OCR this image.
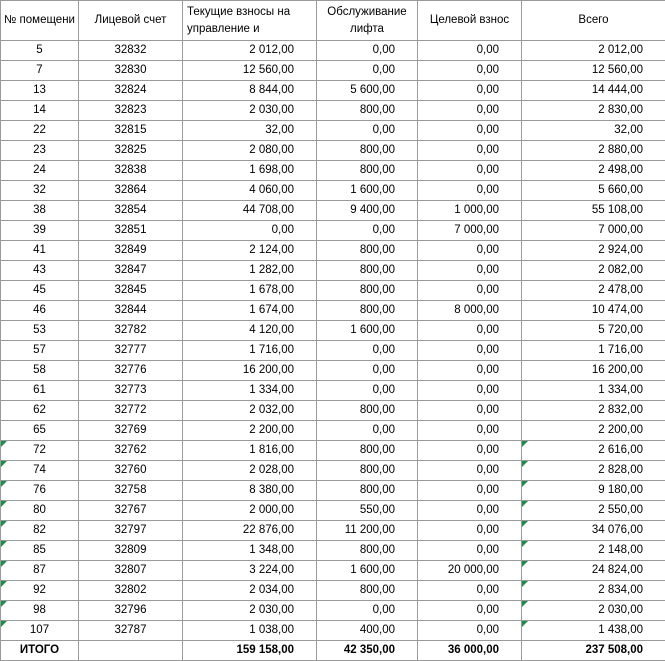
№ помещени	Лицевой счет	Текущие взносы на управление и	Обслуживание лифта	Целевой взнос	Всего
5	32832	2 012,00	0,00	0,00	2 012,00
7	32830	12 560,00	0,00	0,00	12 560,00
13	32824	8 844,00	5 600,00	0,00	14 444,00
14	32823	2 030,00	800,00	0,00	2 830,00
22	32815	32,00	0,00	0,00	32,00
23	32825	2 080,00	800,00	0,00	2 880,00
24	32838	1 698,00	800,00	0,00	2 498,00
32	32864	4 060,00	1 600,00	0,00	5 660,00
38	32854	44 708,00	9 400,00	1 000,00	55 108,00
39	32851	0,00	0,00	7 000,00	7 000,00
41	32849	2 124,00	800,00	0,00	2 924,00
43	32847	1 282,00	800,00	0,00	2 082,00
45	32845	1 678,00	800,00	0,00	2 478,00
46	32844	1 674,00	800,00	8 000,00	10 474,00
53	32782	4 120,00	1 600,00	0,00	5 720,00
57	32777	1 716,00	0,00	0,00	1 716,00
58	32776	16 200,00	0,00	0,00	16 200,00
61	32773	1 334,00	0,00	0,00	1 334,00
62	32772	2 032,00	800,00	0,00	2 832,00
65	32769	2 200,00	0,00	0,00	2 200,00
72	32762	1 816,00	800,00	0,00	2 616,00
74	32760	2 028,00	800,00	0,00	2 828,00
76	32758	8 380,00	800,00	0,00	9 180,00
80	32767	2 000,00	550,00	0,00	2 550,00
82	32797	22 876,00	11 200,00	0,00	34 076,00
85	32809	1 348,00	800,00	0,00	2 148,00
87	32807	3 224,00	1 600,00	20 000,00	24 824,00
92	32802	2 034,00	800,00	0,00	2 834,00
98	32796	2 030,00	0,00	0,00	2 030,00
107	32787	1 038,00	400,00	0,00	1 438,00
ИТОГО		159 158,00	42 350,00	36 000,00	237 508,00
